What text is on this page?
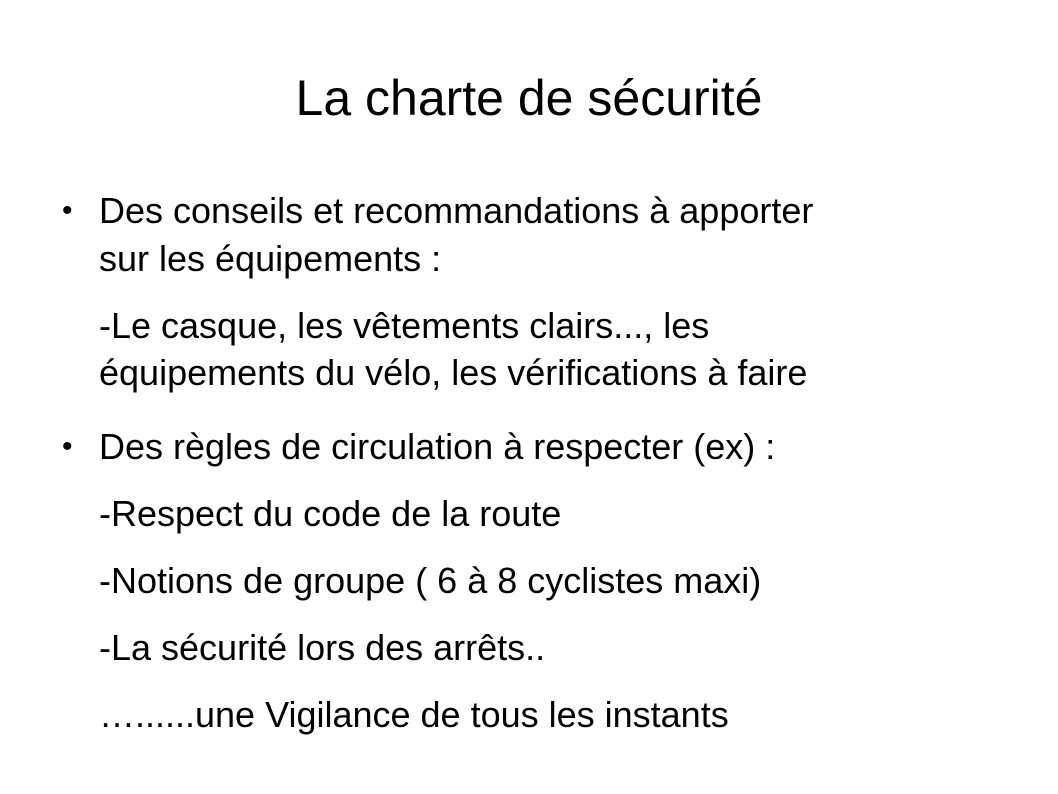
La charte de sécurité
• Des conseils et recommandations à apporter
sur les équipements :
-Le casque, les vêtements clairs..., les
équipements du vélo, les vérifications à faire
• Des règles de circulation à respecter (ex) :
-Respect du code de la route
-Notions de groupe ( 6 à 8 cyclistes maxi)
-La sécurité lors des arrêts..
…......une Vigilance de tous les instants
